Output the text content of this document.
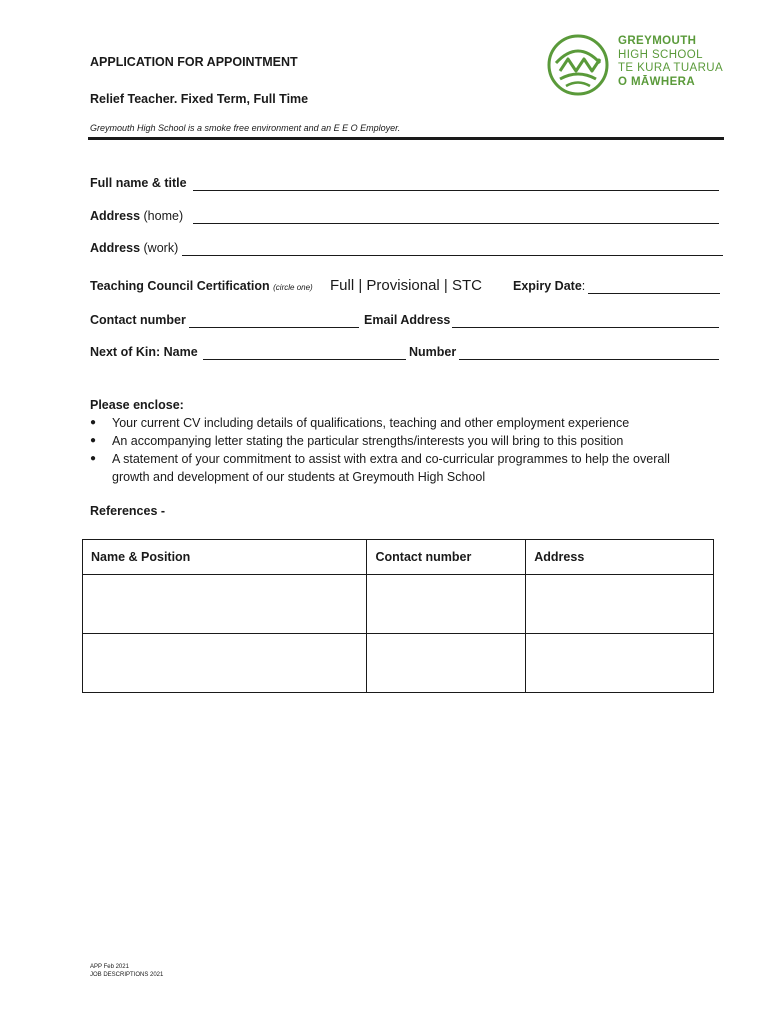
APPLICATION FOR APPOINTMENT
Relief Teacher. Fixed Term, Full Time
Greymouth High School is a smoke free environment and an E E O Employer.
GREYMOUTH
HIGH SCHOOL
TE KURA TUARUA
O MĀWHERA
Full name & title
Address (home)
Address (work)
Teaching Council Certification (circle one) Full | Provisional | STC Expiry Date:
Contact number	Email Address
Next of Kin: Name	Number
Please enclose:
● Your current CV including details of qualifications, teaching and other employment experience
● An accompanying letter stating the particular strengths/interests you will bring to this position
● A statement of your commitment to assist with extra and co-curricular programmes to help the overall growth and development of our students at Greymouth High School
References -
Name & Position	Contact number	Address

APP Feb 2021
JOB DESCRIPTIONS 2021
